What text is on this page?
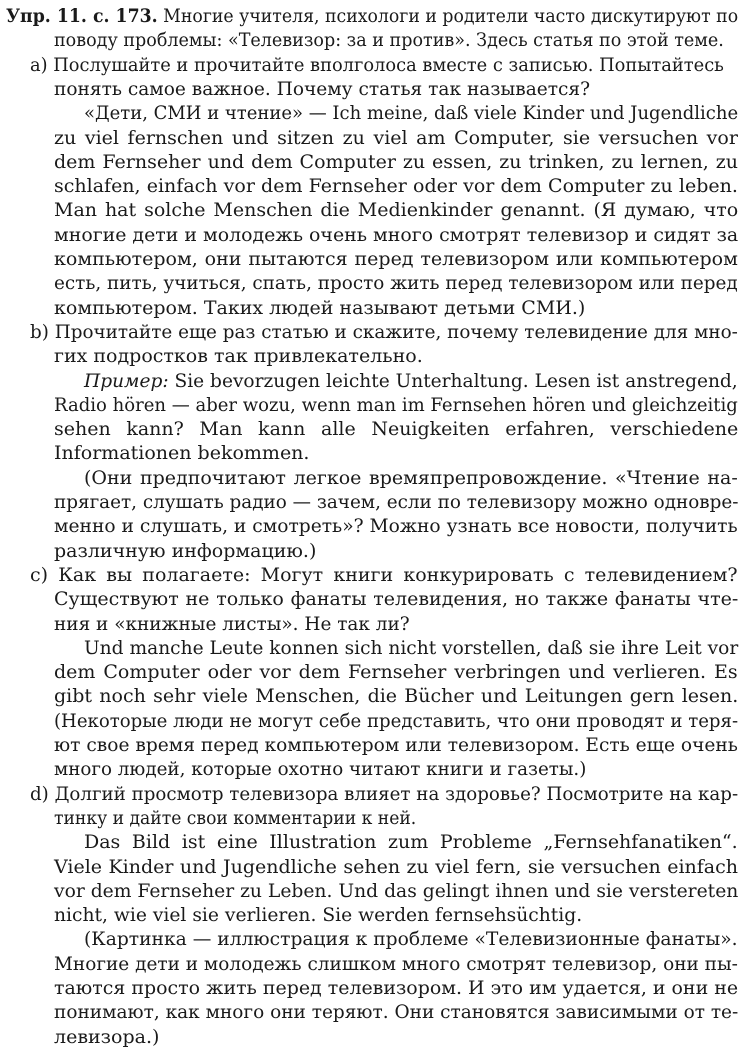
Упр. 11. с. 173. Многие учителя, психологи и родители часто дискутируют по
поводу проблемы: «Телевизор: за и против». Здесь статья по этой теме.
а) Послушайте и прочитайте вполголоса вместе с записью. Попытайтесь
понять самое важное. Почему статья так называется?
«Дети, СМИ и чтение» — Ich meine, daß viele Kinder und Jugendliche
zu viel fernschen und sitzen zu viel am Computer, sie versuchen vor
dem Fernseher und dem Computer zu essen, zu trinken, zu lernen, zu
schlafen, einfach vor dem Fernseher oder vor dem Computer zu leben.
Man hat solche Menschen die Medienkinder genannt. (Я думаю, что
многие дети и молодежь очень много смотрят телевизор и сидят за
компьютером, они пытаются перед телевизором или компьютером
есть, пить, учиться, спать, просто жить перед телевизором или перед
компьютером. Таких людей называют детьми СМИ.)
b) Прочитайте еще раз статью и скажите, почему телевидение для мно-
гих подростков так привлекательно.
Пример: Sie bevorzugen leichte Unterhaltung. Lesen ist anstregend,
Radio hören — aber wozu, wenn man im Fernsehen hören und gleichzeitig
sehen kann? Man kann alle Neuigkeiten erfahren, verschiedene
Informationen bekommen.
(Они предпочитают легкое времяпрепровождение. «Чтение на-
прягает, слушать радио — зачем, если по телевизору можно одновре-
менно и слушать, и смотреть»? Можно узнать все новости, получить
различную информацию.)
c) Как вы полагаете: Могут книги конкурировать с телевидением?
Существуют не только фанаты телевидения, но также фанаты чте-
ния и «книжные листы». Не так ли?
Und manche Leute konnen sich nicht vorstellen, daß sie ihre Leit vor
dem Computer oder vor dem Fernseher verbringen und verlieren. Es
gibt noch sehr viele Menschen, die Bücher und Leitungen gern lesen.
(Некоторые люди не могут себе представить, что они проводят и теря-
ют свое время перед компьютером или телевизором. Есть еще очень
много людей, которые охотно читают книги и газеты.)
d) Долгий просмотр телевизора влияет на здоровье? Посмотрите на кар-
тинку и дайте свои комментарии к ней.
Das Bild ist eine Illustration zum Probleme „Fernsehfanatiken“.
Viele Kinder und Jugendliche sehen zu viel fern, sie versuchen einfach
vor dem Fernseher zu Leben. Und das gelingt ihnen und sie verstereten
nicht, wie viel sie verlieren. Sie werden fernsehsüchtig.
(Картинка — иллюстрация к проблеме «Телевизионные фанаты».
Многие дети и молодежь слишком много смотрят телевизор, они пы-
таются просто жить перед телевизором. И это им удается, и они не
понимают, как много они теряют. Они становятся зависимыми от те-
левизора.)
